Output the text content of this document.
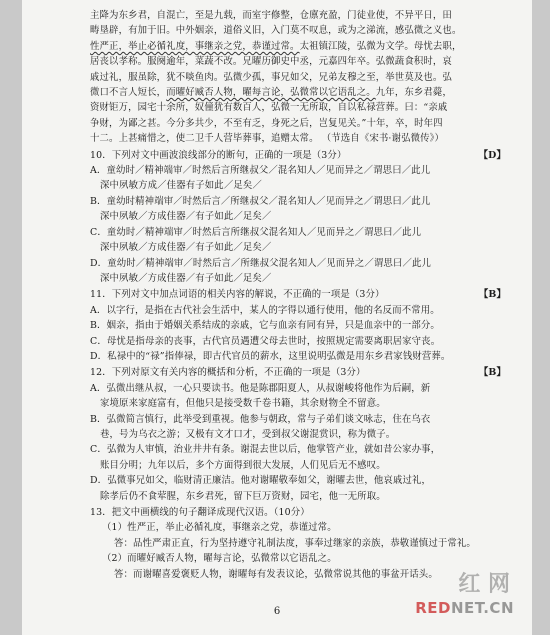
主降为东乡君，自混亡，至是九载，而室宇修整，仓廪充盈，门徒业使，不异平日，田
畴垦辟，有加于旧。中外姻亲，道俗义旧，入门莫不叹息，或为之涕流，感弘微之义也。
性严正，举止必循礼度，事继亲之党，恭谨过常。太祖镇江陵，弘微为文学。母忧去职，
居丧以孝称。服阕逾年，菜蔬不改。兄曜历御史中丞，元嘉四年卒。弘微蔬食积时，哀
戚过礼，服虽除，犹不啖鱼肉。弘微少孤，事兄如父，兄弟友穆之至，举世莫及也。弘
微口不言人短长，而曜好臧否人物，曜每言论，弘微常以它语乱之。九年，东乡君薨，
资财钜万，园宅十余所，奴僮犹有数百人，弘微一无所取，自以私禄营葬。曰：“亲戚
争财，为鄙之甚。今分多共少，不至有乏，身死之后，岂复见关。”十年，卒，时年四
十二。上甚痛惜之，使二卫千人营毕葬事，追赠太常。 （节选自《宋书·谢弘微传》）
10．下列对文中画波浪线部分的断句，正确的一项是（3分）	【D】
A．童幼时／精神端审／时然后言所继叔父／混名知人／见而异之／谓思曰／此儿
深中夙敏方成／佳器有子如此／足矣／
B．童幼时精神端审／时然后言／所继叔父／混名知人／见而异之／谓思曰／此儿
深中夙敏／方成佳器／有子如此／足矣／
C．童幼时／精神端审／时然后言所继叔父混名知人／见而异之／谓思曰／此儿
深中夙敏／方成佳器／有子如此／足矣／
D．童幼时／精神端审／时然后言／所继叔父混名知人／见而异之／谓思曰／此儿
深中夙敏／方成佳器／有子如此／足矣／
11．下列对文中加点词语的相关内容的解说，不正确的一项是（3分）	【B】
A．以字行，是指在古代社会生活中，某人的字得以通行使用，他的名反而不常用。
B．姻亲，指由于婚姻关系结成的亲戚，它与血亲有同有异，只是血亲中的一部分。
C．母忧是指母亲的丧事，古代官员遇遭父母去世时，按照规定需要离职居家守丧。
D．私禄中的“禄”指俸禄，即古代官员的薪水，这里说明弘微是用东乡君家钱财营葬。
12．下列对原文有关内容的概括和分析，不正确的一项是（3分）	【B】
A．弘微出继从叔，一心只要读书。他是陈郡阳夏人，从叔谢峻将他作为后嗣，新
家境原来家庭富有，但他只是接受数千卷书籍，其余财物全不留意。
B．弘微简言慎行，此举受到重视。他参与朝政，常与子弟们谈文咏志，住在乌衣
巷，号为乌衣之游；又极有文才口才，受到叔父谢混赏识，称为微子。
C．弘微为人审慎，治业井井有条。谢混去世以后，他掌管产业，就如昔公家办事，
账目分明；九年以后，多个方面得到很大发展，人们见后无不感叹。
D．弘微事兄如父，临财清正廉洁。他对谢曜敬奉如父，谢曜去世，他哀戚过礼，
除孝后仍不食荤腥，东乡君死，留下巨万资财，园宅，他一无所取。
13．把文中画横线的句子翻译成现代汉语。（10分）
（1）性严正，举止必循礼度，事继亲之党，恭谨过常。
答：品性严肃正直，行为坚持遵守礼制法度，事奉过继家的亲族，恭敬谨慎过于常礼。
（2）而曜好臧否人物，曜每言论，弘微常以它语乱之。
答：而谢曜喜爱褒贬人物，谢曜每有发表议论，弘微常说其他的事盆开话头。
6
红 网
REDNET.CN
